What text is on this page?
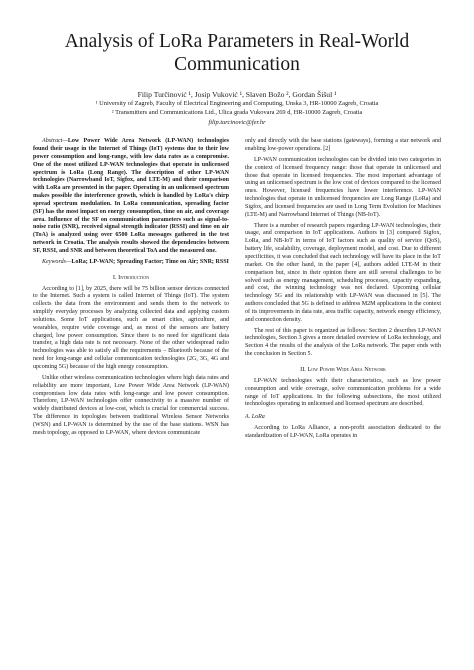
Analysis of LoRa Parameters in Real-World Communication
Filip Turčinović ¹, Josip Vuković ¹, Slaven Božo ², Gordan Šišul ¹
¹ University of Zagreb, Faculty of Electrical Engineering and Computing, Unska 3, HR-10000 Zagreb, Croatia
² Transmitters and Communications Ltd., Ulica grada Vukovara 269 d, HR-10000 Zagreb, Croatia
filip.turcinovic@fer.hr

Abstract—Low Power Wide Area Network (LP-WAN) technologies found their usage in the Internet of Things (IoT) systems due to their low power consumption and long-range, with low data rates as a compromise. One of the most utilized LP-WAN technologies that operate in unlicensed spectrum is LoRa (Long Range). The description of other LP-WAN technologies (Narrowband IoT, Sigfox, and LTE-M) and their comparison with LoRa are presented in the paper. Operating in an unlicensed spectrum makes possible the interference growth, which is handled by LoRa's chirp spread spectrum modulation. In LoRa communication, spreading factor (SF) has the most impact on energy consumption, time on air, and coverage area. Influence of the SF on communication parameters such as signal-to-noise ratio (SNR), received signal strength indicator (RSSI) and time on air (ToA) is analyzed using over 6500 LoRa messages gathered in the test network in Croatia. The analysis results showed the dependencies between SF, RSSI, and SNR and between theoretical ToA and the measured one.

Keywords—LoRa; LP-WAN; Spreading Factor; Time on Air; SNR; RSSI

I. Introduction

According to [1], by 2025, there will be 75 billion sensor devices connected to the Internet. Such a system is called Internet of Things (IoT). The system collects the data from the environment and sends them to the network to simplify everyday processes by analyzing collected data and applying custom solutions. Some IoT applications, such as smart cities, agriculture, and wearables, require wide coverage and, as most of the sensors are battery charged, low power consumption. Since there is no need for significant data transfer, a high data rate is not necessary. None of the other widespread radio technologies was able to satisfy all the requirements – Bluetooth because of the need for long-range and cellular communication technologies (2G, 3G, 4G and upcoming 5G) because of the high energy consumption.

Unlike other wireless communication technologies where high data rates and reliability are more important, Low Power Wide Area Network (LP-WAN) compromises low data rates with long-range and low power consumption. Therefore, LP-WAN technologies offer connectivity to a massive number of widely distributed devices at low-cost, which is crucial for commercial success. The difference in topologies between traditional Wireless Sensor Networks (WSN) and LP-WAN is determined by the use of the base stations. WSN has mesh topology, as opposed to LP-WAN, where devices communicate

only and directly with the base stations (gateways), forming a star network and enabling low-power operations. [2]

LP-WAN communication technologies can be divided into two categories in the context of licensed frequency range: those that operate in unlicensed and those that operate in licensed frequencies. The most important advantage of using an unlicensed spectrum is the low cost of devices compared to the licensed ones. However, licensed frequencies have lower interference. LP-WAN technologies that operate in unlicensed frequencies are Long Range (LoRa) and Sigfox, and licensed frequencies are used in Long Term Evolution for Machines (LTE-M) and Narrowband Internet of Things (NB-IoT).

There is a number of research papers regarding LP-WAN technologies, their usage, and comparison in IoT applications. Authors in [3] compared Sigfox, LoRa, and NB-IoT in terms of IoT factors such as quality of service (QoS), battery life, scalability, coverage, deployment model, and cost. Due to different specificities, it was concluded that each technology will have its place in the IoT market. On the other hand, in the paper [4], authors added LTE-M in their comparison but, since in their opinion there are still several challenges to be solved such as energy management, scheduling processes, capacity expanding, and cost, the winning technology was not declared. Upcoming cellular technology 5G and its relationship with LP-WAN was discussed in [5]. The authors concluded that 5G is defined to address M2M applications in the context of its improvements in data rate, area traffic capacity, network energy efficiency, and connection density.

The rest of this paper is organized as follows: Section 2 describes LP-WAN technologies, Section 3 gives a more detailed overview of LoRa technology, and Section 4 the results of the analysis of the LoRa network. The paper ends with the conclusion in Section 5.

II. Low Power Wide Area Network

LP-WAN technologies with their characteristics, such as low power consumption and wide coverage, solve communication problems for a wide range of IoT applications. In the following subsections, the most utilized technologies operating in unlicensed and licensed spectrum are described.

A. LoRa

According to LoRa Alliance, a non-profit association dedicated to the standardization of LP-WAN, LoRa operates in
